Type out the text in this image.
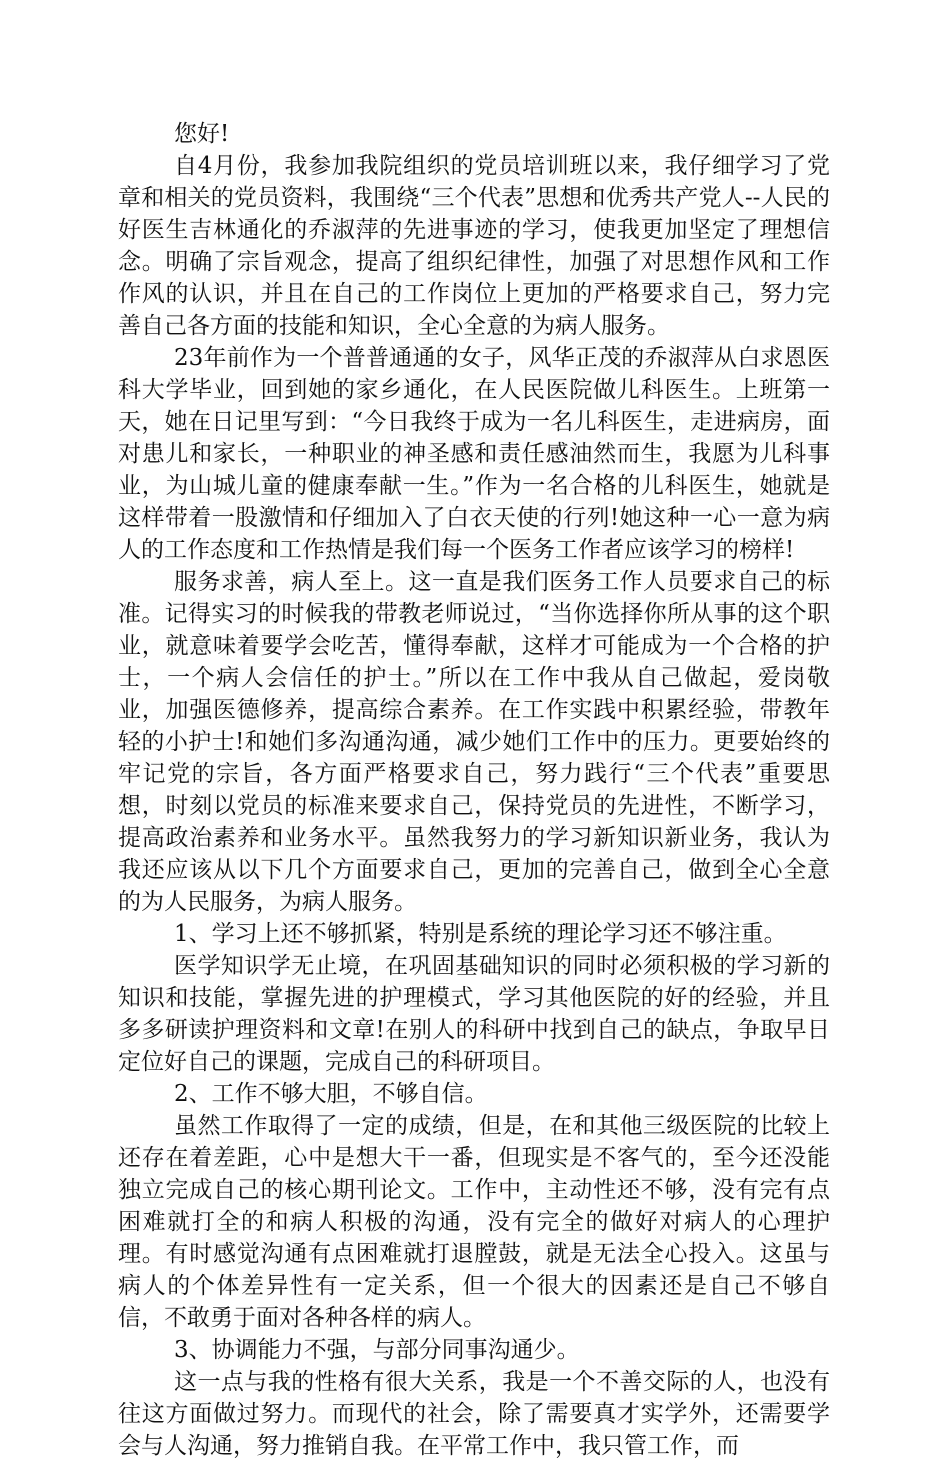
您好!

自4月份，我参加我院组织的党员培训班以来，我仔细学习了党章和相关的党员资料，我围绕“三个代表”思想和优秀共产党人--人民的好医生吉林通化的乔淑萍的先进事迹的学习，使我更加坚定了理想信念。明确了宗旨观念，提高了组织纪律性，加强了对思想作风和工作作风的认识，并且在自己的工作岗位上更加的严格要求自己，努力完善自己各方面的技能和知识，全心全意的为病人服务。

23年前作为一个普普通通的女子，风华正茂的乔淑萍从白求恩医科大学毕业，回到她的家乡通化，在人民医院做儿科医生。上班第一天，她在日记里写到：“今日我终于成为一名儿科医生，走进病房，面对患儿和家长，一种职业的神圣感和责任感油然而生，我愿为儿科事业，为山城儿童的健康奉献一生。”作为一名合格的儿科医生，她就是这样带着一股激情和仔细加入了白衣天使的行列!她这种一心一意为病人的工作态度和工作热情是我们每一个医务工作者应该学习的榜样!

服务求善，病人至上。这一直是我们医务工作人员要求自己的标准。记得实习的时候我的带教老师说过，“当你选择你所从事的这个职业，就意味着要学会吃苦，懂得奉献，这样才可能成为一个合格的护士，一个病人会信任的护士。”所以在工作中我从自己做起，爱岗敬业，加强医德修养，提高综合素养。在工作实践中积累经验，带教年轻的小护士!和她们多沟通沟通，减少她们工作中的压力。更要始终的牢记党的宗旨，各方面严格要求自己，努力践行“三个代表”重要思想，时刻以党员的标准来要求自己，保持党员的先进性，不断学习，提高政治素养和业务水平。虽然我努力的学习新知识新业务，我认为我还应该从以下几个方面要求自己，更加的完善自己，做到全心全意的为人民服务，为病人服务。

1、学习上还不够抓紧，特别是系统的理论学习还不够注重。

医学知识学无止境，在巩固基础知识的同时必须积极的学习新的知识和技能，掌握先进的护理模式，学习其他医院的好的经验，并且多多研读护理资料和文章!在别人的科研中找到自己的缺点，争取早日定位好自己的课题，完成自己的科研项目。

2、工作不够大胆，不够自信。

虽然工作取得了一定的成绩，但是，在和其他三级医院的比较上还存在着差距，心中是想大干一番，但现实是不客气的，至今还没能独立完成自己的核心期刊论文。工作中，主动性还不够，没有完有点困难就打全的和病人积极的沟通，没有完全的做好对病人的心理护理。有时感觉沟通有点困难就打退膛鼓，就是无法全心投入。这虽与病人的个体差异性有一定关系，但一个很大的因素还是自己不够自信，不敢勇于面对各种各样的病人。

3、协调能力不强，与部分同事沟通少。

这一点与我的性格有很大关系，我是一个不善交际的人，也没有往这方面做过努力。而现代的社会，除了需要真才实学外，还需要学会与人沟通，努力推销自我。在平常工作中，我只管工作，而
